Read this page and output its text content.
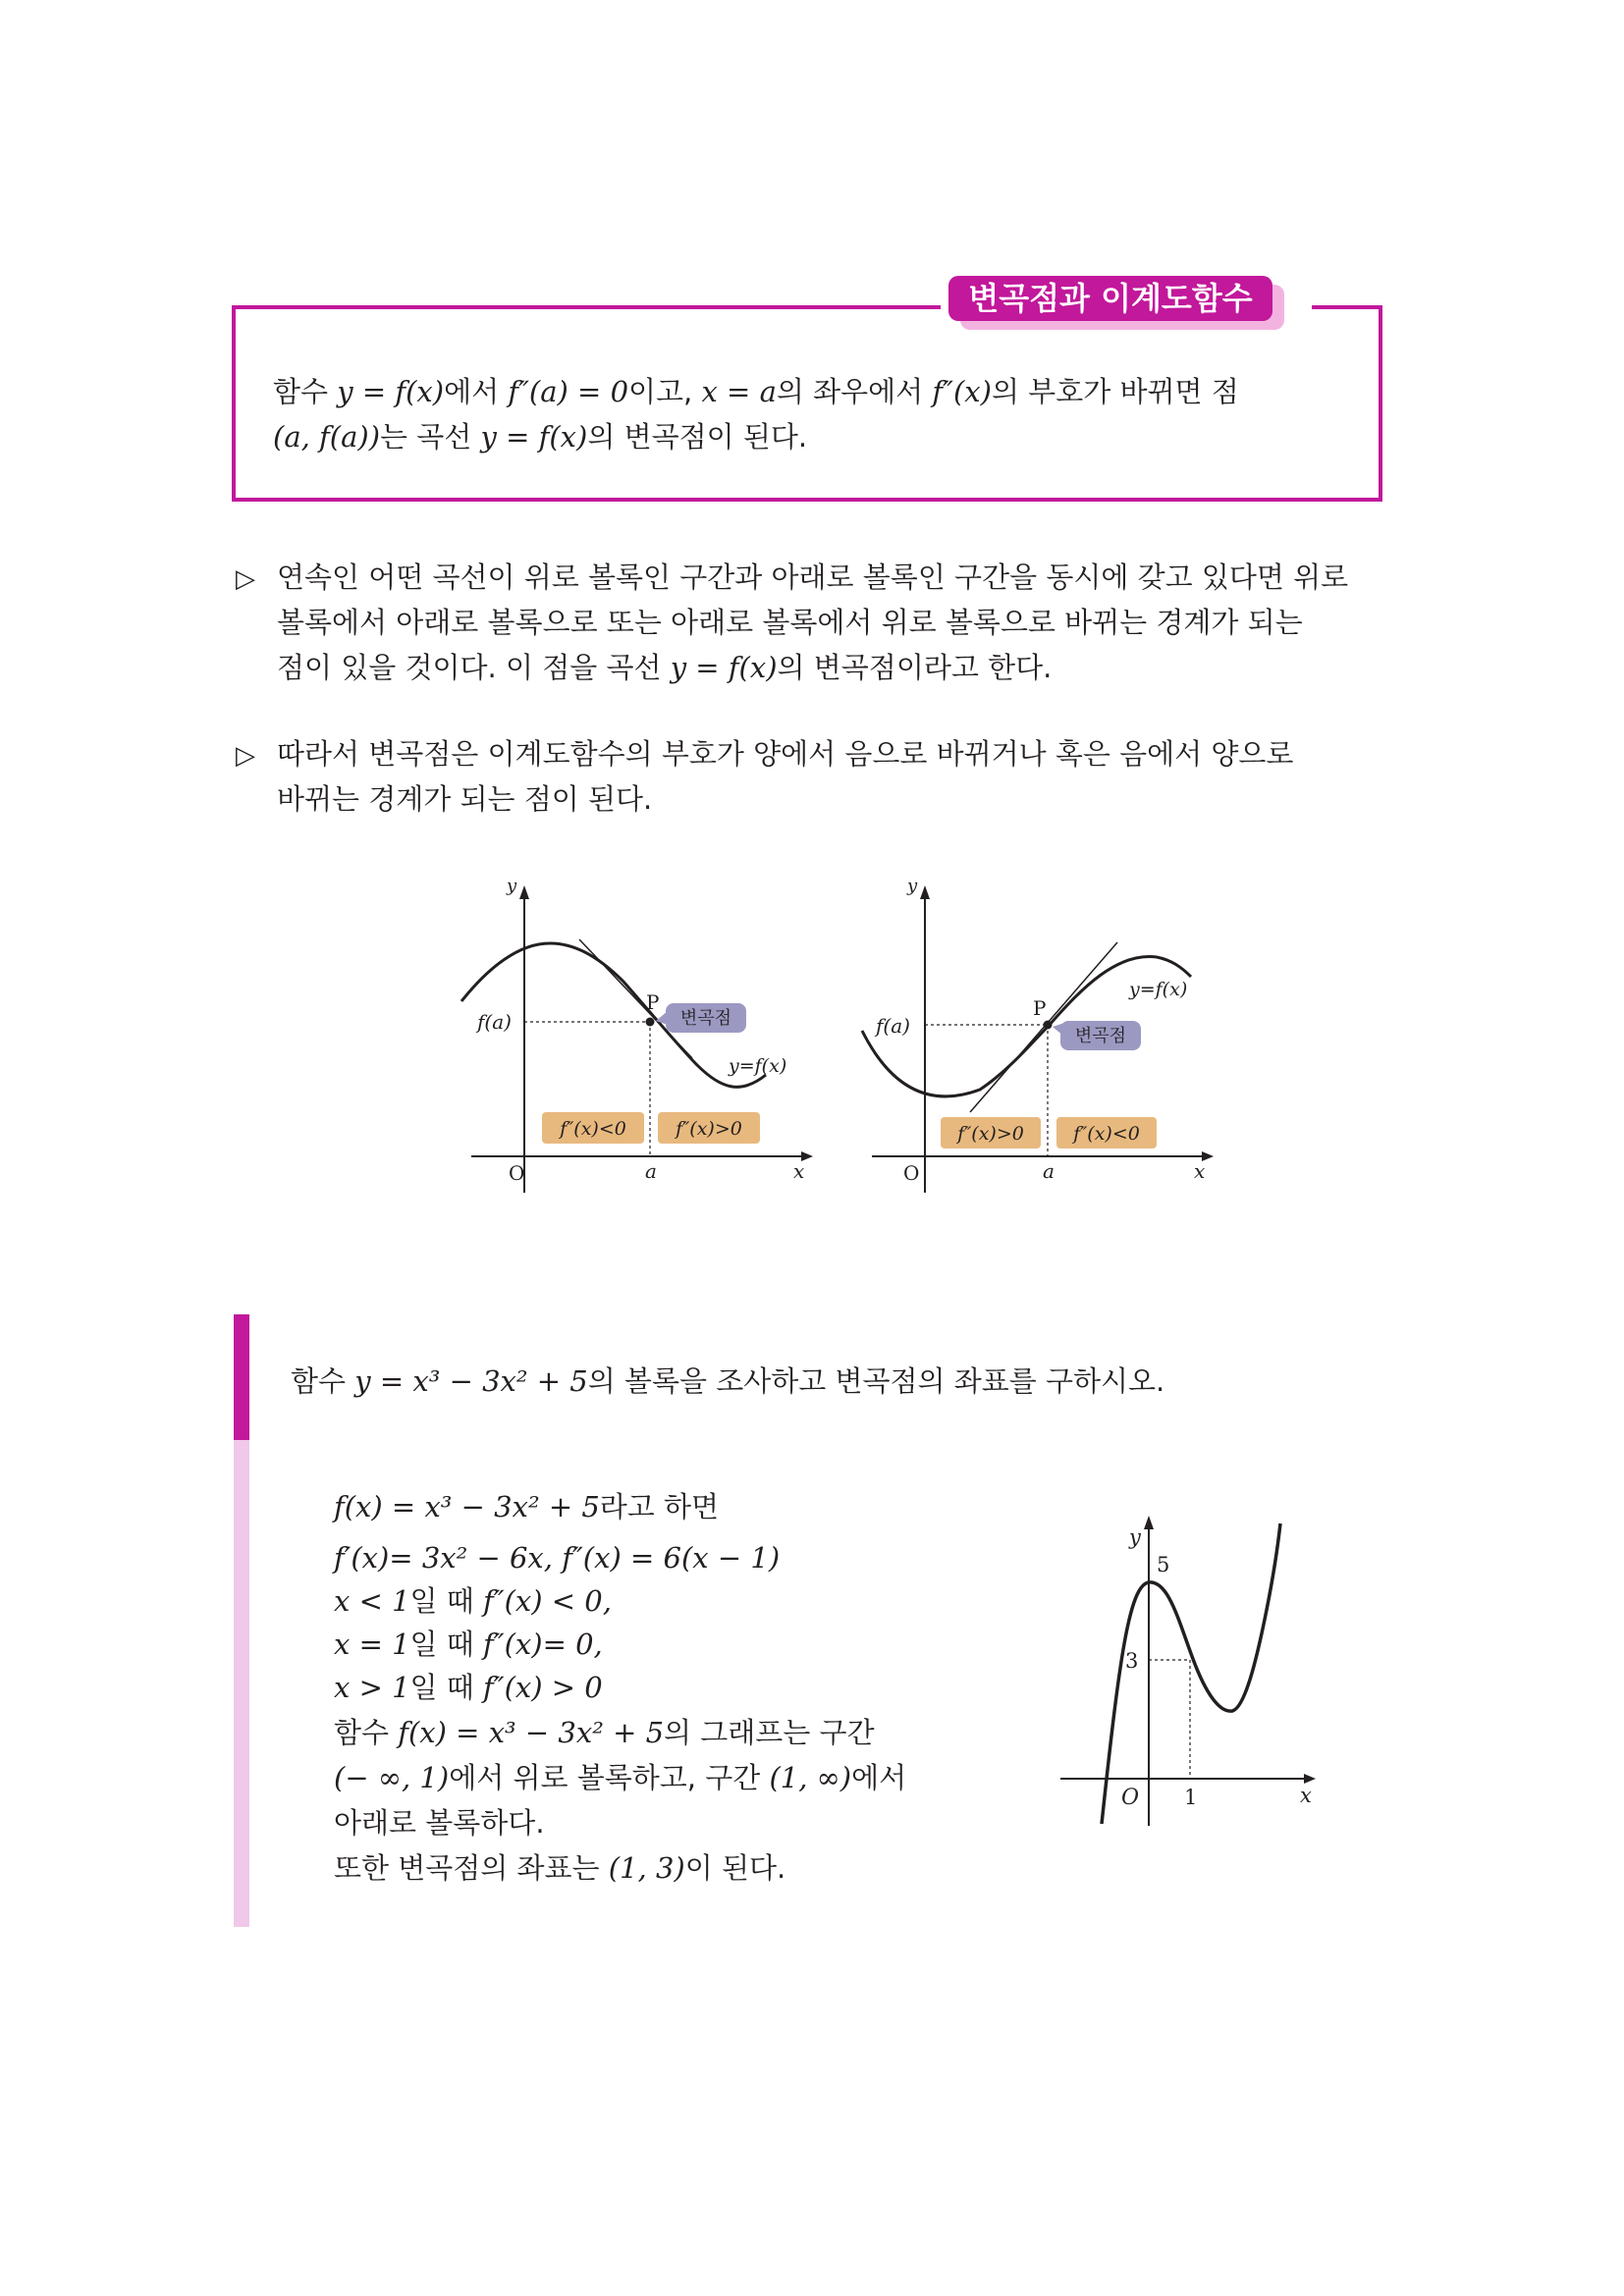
변곡점과 이계도함수
함수 y = f(x)에서 f″(a) = 0이고, x = a의 좌우에서 f″(x)의 부호가 바뀌면 점
(a, f(a))는 곡선 y = f(x)의 변곡점이 된다.
▷ 연속인 어떤 곡선이 위로 볼록인 구간과 아래로 볼록인 구간을 동시에 갖고 있다면 위로
볼록에서 아래로 볼록으로 또는 아래로 볼록에서 위로 볼록으로 바뀌는 경계가 되는
점이 있을 것이다. 이 점을 곡선 y = f(x)의 변곡점이라고 한다.
▷ 따라서 변곡점은 이계도함수의 부호가 양에서 음으로 바뀌거나 혹은 음에서 양으로
바뀌는 경계가 되는 점이 된다.
변곡점
P
f(a)
y=f(x)
f″(x)<0	f″(x)>0
O	a	x
y
변곡점
P
f(a)
y=f(x)
f″(x)>0	f″(x)<0
O	a	x
y
함수 y = x³ − 3x² + 5의 볼록을 조사하고 변곡점의 좌표를 구하시오.
f(x) = x³ − 3x² + 5라고 하면
f′(x)= 3x² − 6x, f″(x) = 6(x − 1)
x < 1일 때 f″(x) < 0,
x = 1일 때 f″(x)= 0,
x > 1일 때 f″(x) > 0
함수 f(x) = x³ − 3x² + 5의 그래프는 구간
(− ∞, 1)에서 위로 볼록하고, 구간 (1, ∞)에서
아래로 볼록하다.
또한 변곡점의 좌표는 (1, 3)이 된다.
y
5
3
O 1	x
